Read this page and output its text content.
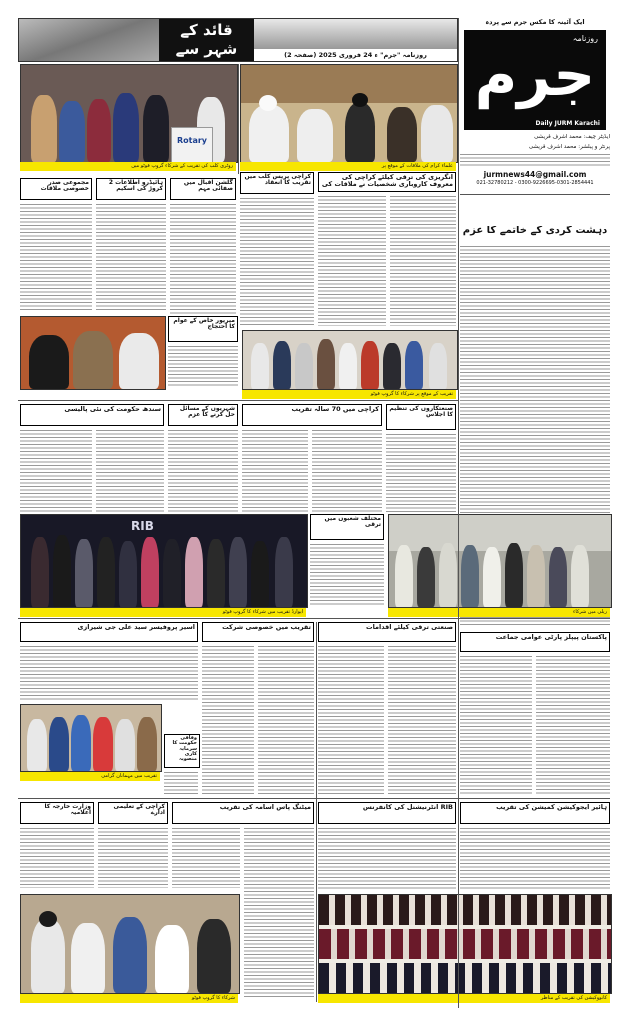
ایک آئینہ کا مکس جرم سے پردہ
روزنامہ
جرم
Daily JURM Karachi
ایڈیٹر چیف: محمد اشرف قریشی
پرنٹر و پبلشر: محمد اشرف قریشی
jurmnews44@gmail.com
021-32780212 - 0300-9226695-0301-2854441
قائد کے
شہر سے	روزنامہ "جرم" ء 24 فروری 2025 (صفحہ 2)
Rotary
روٹری کلب کی تقریب کے شرکاء گروپ فوٹو میں	علماء کرام کی ملاقات کے موقع پر
دہشت گردی کے خاتمے کا عزم
انگریزی کی ترقی کیلئے کراچی کی معروف کاروباری شخصیات نے ملاقات کی
کراچی پریس کلب میں تقریب کا انعقاد
گلشن اقبال میں صفائی مہم
ہائیڈرو اطلاعات 2 کروڑ کی اسکیم
مجموعی صدر خصوصی ملاقات
میرپور خاص کے عوام کا احتجاج
تقریب کے موقع پر شرکاء کا گروپ فوٹو
سندھ حکومت کی نئی پالیسی	شہریوں کے مسائل حل کرنے کا عزم
کراچی میں 70 سالہ تقریب	صنعتکاروں کی تنظیم کا اجلاس
RIB
ایوارڈ تقریب میں شرکاء کا گروپ فوٹو
مختلف شعبوں میں ترقی
ریلی میں شرکاء
اسیر پروفیسر سید علی جی شیرازی	تقریب میں خصوصی شرکت	صنعتی ترقی کیلئے اقدامات
پاکستان پیپلز پارٹی عوامی جماعت
تقریب میں مہمانان گرامی
وفاقی حکومت کا سرمایہ کاری منصوبہ
وزارت خارجہ کا اعلامیہ
کراچی کے تعلیمی ادارے
میٹنگ پاس اسامہ کی تقریب	RIB انٹرنیشنل کی کانفرنس	ہائیر ایجوکیشن کمیشن کی تقریب
شرکاء کا گروپ فوٹو	کانووکیشن کی تقریب کے مناظر
